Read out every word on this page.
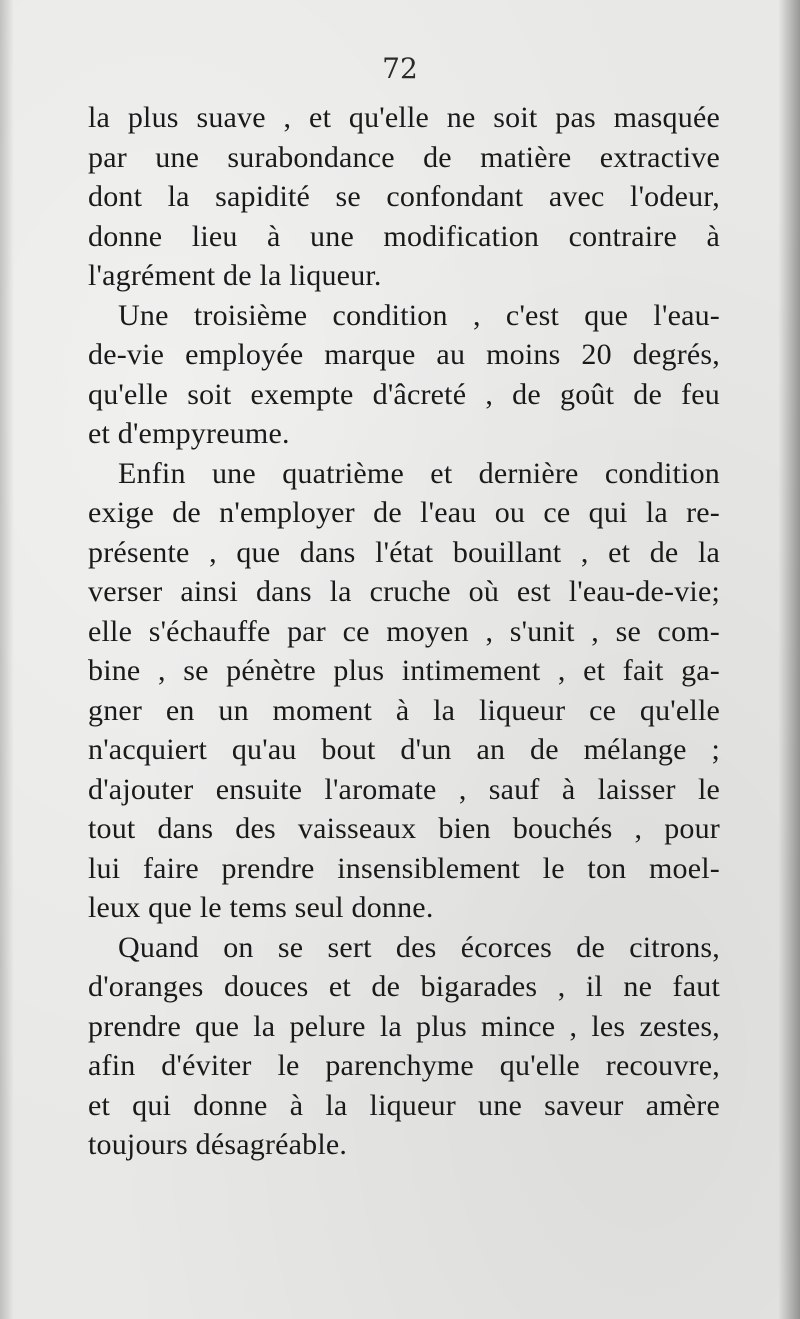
72
la plus suave , et qu'elle ne soit pas masquée
par une surabondance de matière extractive
dont la sapidité se confondant avec l'odeur,
donne lieu à une modification contraire à
l'agrément de la liqueur.
Une troisième condition , c'est que l'eau-
de-vie employée marque au moins 20 degrés,
qu'elle soit exempte d'âcreté , de goût de feu
et d'empyreume.
Enfin une quatrième et dernière condition
exige de n'employer de l'eau ou ce qui la re-
présente , que dans l'état bouillant , et de la
verser ainsi dans la cruche où est l'eau-de-vie;
elle s'échauffe par ce moyen , s'unit , se com-
bine , se pénètre plus intimement , et fait ga-
gner en un moment à la liqueur ce qu'elle
n'acquiert qu'au bout d'un an de mélange ;
d'ajouter ensuite l'aromate , sauf à laisser le
tout dans des vaisseaux bien bouchés , pour
lui faire prendre insensiblement le ton moel-
leux que le tems seul donne.
Quand on se sert des écorces de citrons,
d'oranges douces et de bigarades , il ne faut
prendre que la pelure la plus mince , les zestes,
afin d'éviter le parenchyme qu'elle recouvre,
et qui donne à la liqueur une saveur amère
toujours désagréable.
